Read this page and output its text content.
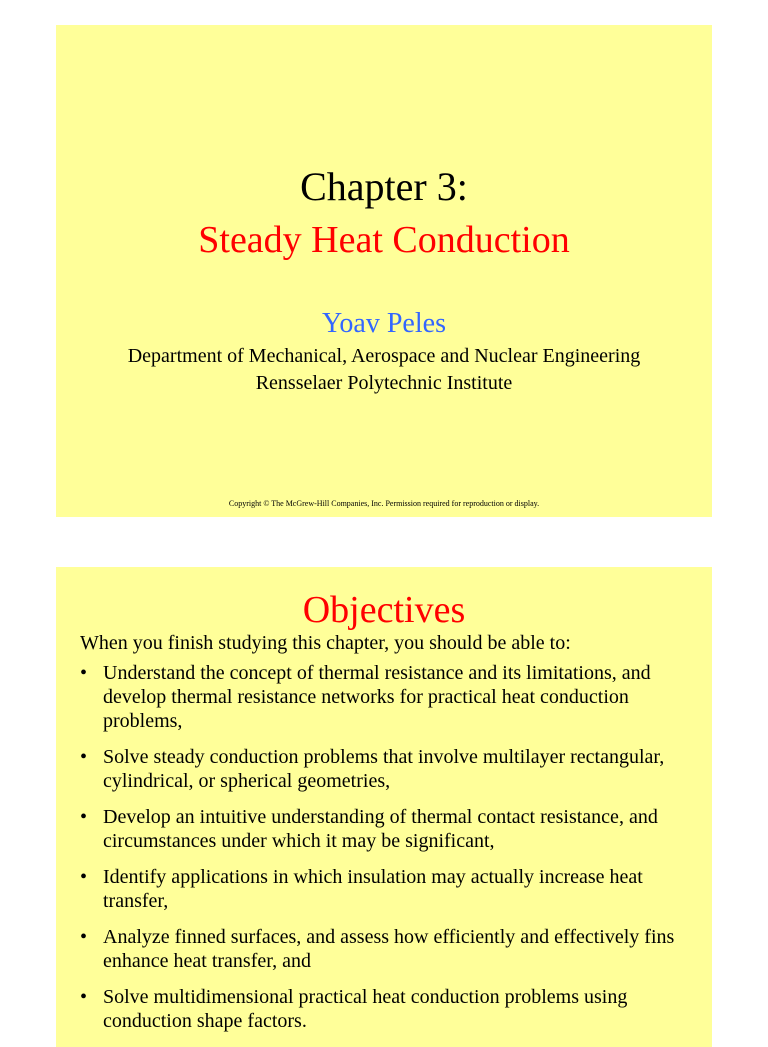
Chapter 3:
Steady Heat Conduction
Yoav Peles
Department of Mechanical, Aerospace and Nuclear Engineering
Rensselaer Polytechnic Institute
Copyright © The McGrew-Hill Companies, Inc. Permission required for reproduction or display.
Objectives

When you finish studying this chapter, you should be able to:

• Understand the concept of thermal resistance and its limitations, and develop thermal resistance networks for practical heat conduction problems,
• Solve steady conduction problems that involve multilayer rectangular, cylindrical, or spherical geometries,
• Develop an intuitive understanding of thermal contact resistance, and circumstances under which it may be significant,
• Identify applications in which insulation may actually increase heat transfer,
• Analyze finned surfaces, and assess how efficiently and effectively fins enhance heat transfer, and
• Solve multidimensional practical heat conduction problems using conduction shape factors.
